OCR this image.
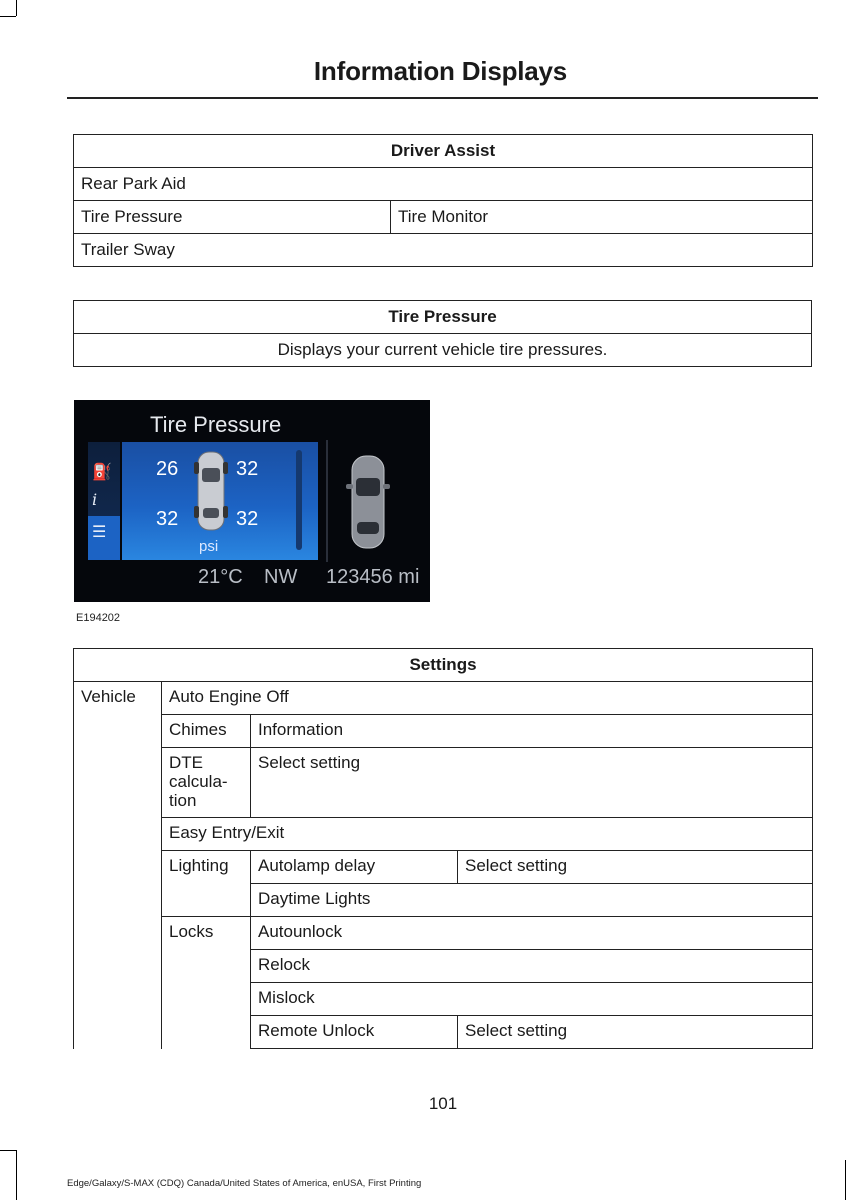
Information Displays
Driver Assist
Rear Park Aid
Tire Pressure	Tire Monitor
Trailer Sway
Tire Pressure
Displays your current vehicle tire pressures.
Tire Pressure
⛽
i
☰
26	32
32	32
psi
21°C NW 123456 mi
E194202
Settings			
Vehicle	Auto Engine Off		
	Chimes	Information	
	DTE calcula-tion	Select setting	
	Easy Entry/Exit		
	Lighting	Autolamp delay	Select setting
		Daytime Lights	
	Locks	Autounlock	
		Relock	
		Mislock	
		Remote Unlock	Select setting
101
Edge/Galaxy/S-MAX (CDQ) Canada/United States of America, enUSA, First Printing
